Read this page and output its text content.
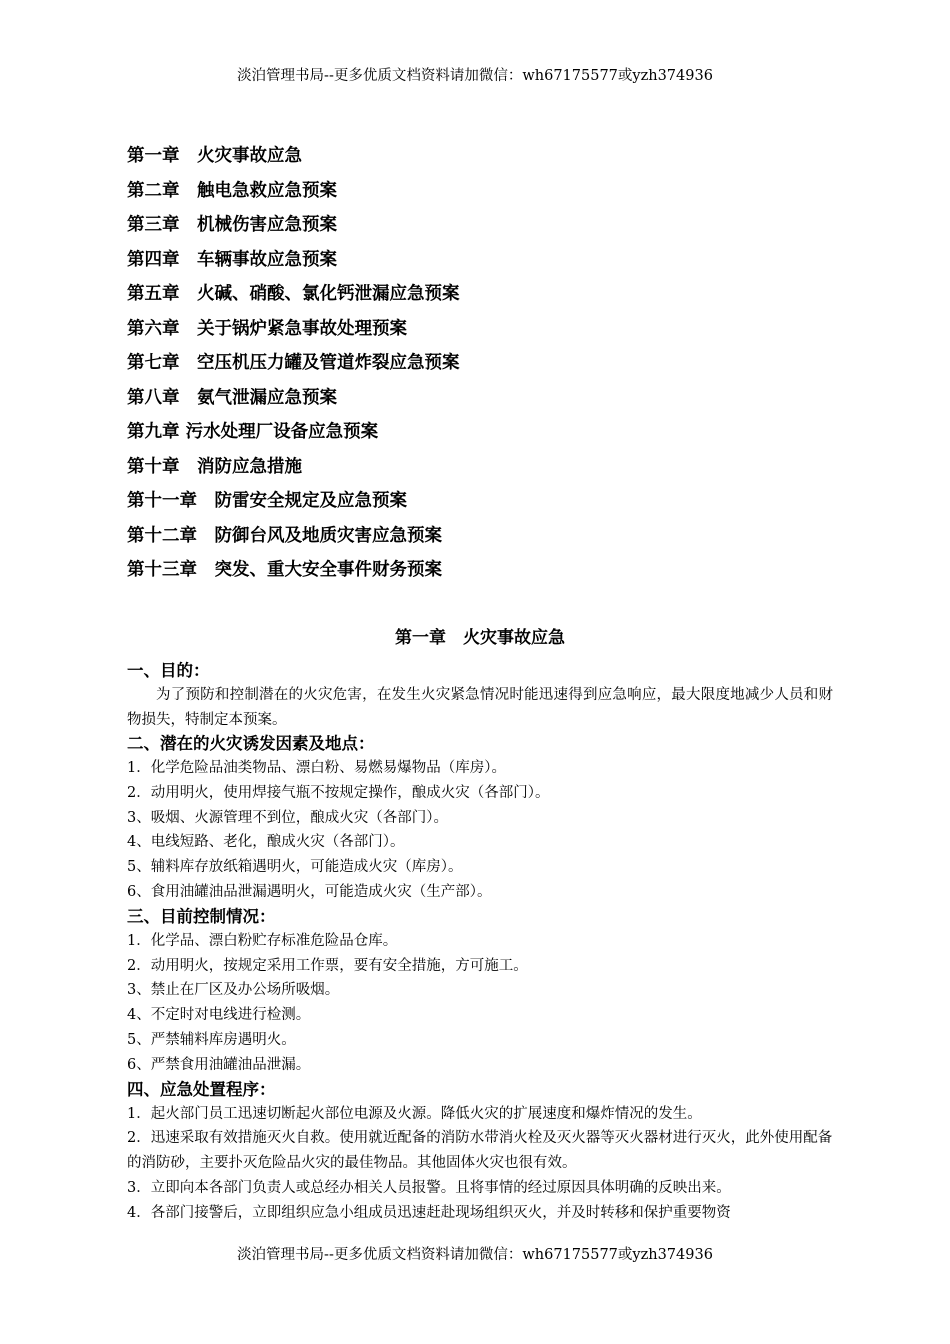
淡泊管理书局--更多优质文档资料请加微信：wh67175577或yzh374936
第一章　火灾事故应急
第二章　触电急救应急预案
第三章　机械伤害应急预案
第四章　车辆事故应急预案
第五章　火碱、硝酸、氯化钙泄漏应急预案
第六章　关于锅炉紧急事故处理预案
第七章　空压机压力罐及管道炸裂应急预案
第八章　氨气泄漏应急预案
第九章 污水处理厂设备应急预案
第十章　消防应急措施
第十一章　防雷安全规定及应急预案
第十二章　防御台风及地质灾害应急预案
第十三章　突发、重大安全事件财务预案
第一章　火灾事故应急
一、目的：
为了预防和控制潜在的火灾危害，在发生火灾紧急情况时能迅速得到应急响应，最大限度地减少人员和财物损失，特制定本预案。
二、潜在的火灾诱发因素及地点：
1．化学危险品油类物品、漂白粉、易燃易爆物品（库房）。
2．动用明火，使用焊接气瓶不按规定操作，酿成火灾（各部门）。
3、吸烟、火源管理不到位，酿成火灾（各部门）。
4、电线短路、老化，酿成火灾（各部门）。
5、辅料库存放纸箱遇明火，可能造成火灾（库房）。
6、食用油罐油品泄漏遇明火，可能造成火灾（生产部）。
三、目前控制情况：
1．化学品、漂白粉贮存标准危险品仓库。
2．动用明火，按规定采用工作票，要有安全措施，方可施工。
3、禁止在厂区及办公场所吸烟。
4、不定时对电线进行检测。
5、严禁辅料库房遇明火。
6、严禁食用油罐油品泄漏。
四、应急处置程序：
1．起火部门员工迅速切断起火部位电源及火源。降低火灾的扩展速度和爆炸情况的发生。
2．迅速采取有效措施灭火自救。使用就近配备的消防水带消火栓及灭火器等灭火器材进行灭火，此外使用配备的消防砂，主要扑灭危险品火灾的最佳物品。其他固体火灾也很有效。
3．立即向本各部门负责人或总经办相关人员报警。且将事情的经过原因具体明确的反映出来。
4．各部门接警后，立即组织应急小组成员迅速赶赴现场组织灭火，并及时转移和保护重要物资
淡泊管理书局--更多优质文档资料请加微信：wh67175577或yzh374936
